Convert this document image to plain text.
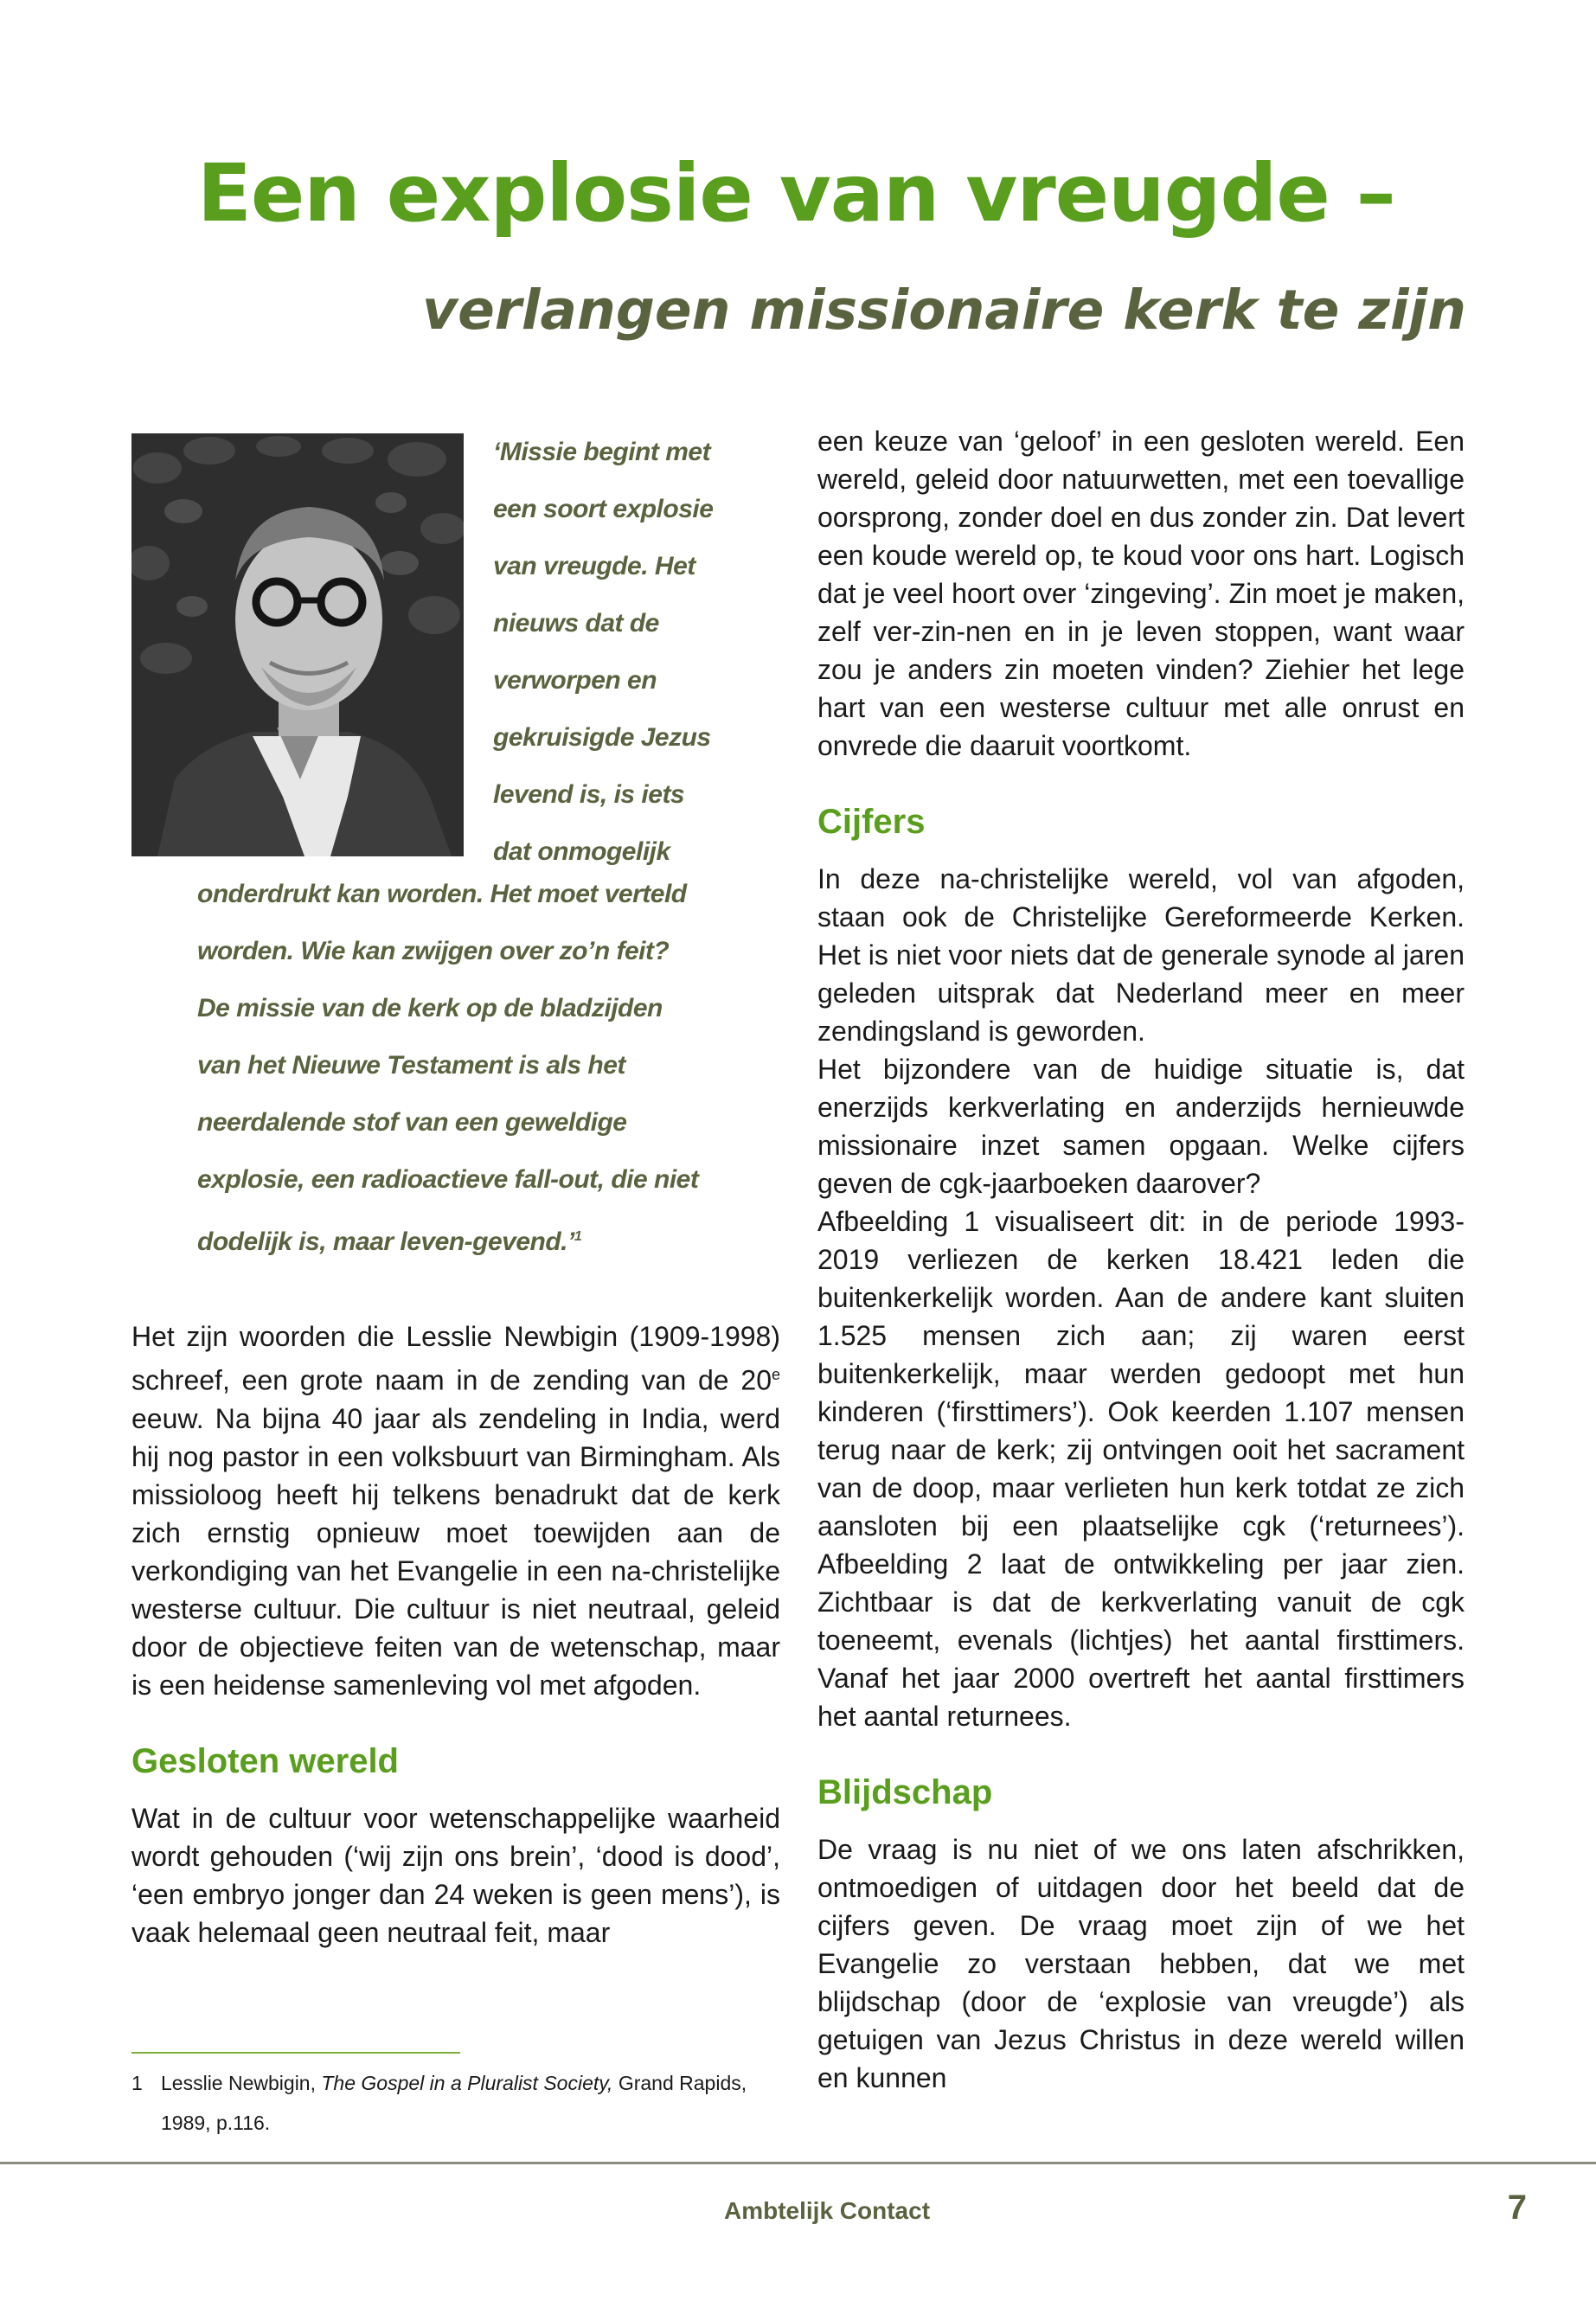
Een explosie van vreugde –
verlangen missionaire kerk te zijn
‘Missie begint met
een soort explosie
van vreugde. Het
nieuws dat de
verworpen en
gekruisigde Jezus
levend is, is iets
dat onmogelijk
onderdrukt kan worden. Het moet verteld
worden. Wie kan zwijgen over zo’n feit?
De missie van de kerk op de bladzijden
van het Nieuwe Testament is als het
neerdalende stof van een geweldige
explosie, een radioactieve fall-out, die niet
dodelijk is, maar leven-gevend.’$^1$

Het zijn woorden die Lesslie Newbigin (1909-1998) schreef, een grote naam in de zending van de 20e eeuw. Na bijna 40 jaar als zendeling in India, werd hij nog pastor in een volksbuurt van Birmingham. Als missioloog heeft hij telkens benadrukt dat de kerk zich ernstig opnieuw moet toewijden aan de verkondiging van het Evangelie in een na-christelijke westerse cultuur. Die cultuur is niet neutraal, geleid door de objectieve feiten van de wetenschap, maar is een heidense samenleving vol met afgoden.

Gesloten wereld

Wat in de cultuur voor wetenschappelijke waarheid wordt gehouden (‘wij zijn ons brein’, ‘dood is dood’, ‘een embryo jonger dan 24 weken is geen mens’), is vaak helemaal geen neutraal feit, maar

een keuze van ‘geloof’ in een gesloten wereld. Een wereld, geleid door natuurwetten, met een toevallige oorsprong, zonder doel en dus zonder zin. Dat levert een koude wereld op, te koud voor ons hart. Logisch dat je veel hoort over ‘zingeving’. Zin moet je maken, zelf ver-zin-nen en in je leven stoppen, want waar zou je anders zin moeten vinden? Ziehier het lege hart van een westerse cultuur met alle onrust en onvrede die daaruit voortkomt.

Cijfers

In deze na-christelijke wereld, vol van afgoden, staan ook de Christelijke Gereformeerde Kerken. Het is niet voor niets dat de generale synode al jaren geleden uitsprak dat Nederland meer en meer zendingsland is geworden.

Het bijzondere van de huidige situatie is, dat enerzijds kerkverlating en anderzijds hernieuwde missionaire inzet samen opgaan. Welke cijfers geven de cgk-jaarboeken daarover?

Afbeelding 1 visualiseert dit: in de periode 1993-2019 verliezen de kerken 18.421 leden die buitenkerkelijk worden. Aan de andere kant sluiten 1.525 mensen zich aan; zij waren eerst buitenkerkelijk, maar werden gedoopt met hun kinderen (‘firsttimers’). Ook keerden 1.107 mensen terug naar de kerk; zij ontvingen ooit het sacrament van de doop, maar verlieten hun kerk totdat ze zich aansloten bij een plaatselijke cgk (‘returnees’). Afbeelding 2 laat de ontwikkeling per jaar zien. Zichtbaar is dat de kerkverlating vanuit de cgk toeneemt, evenals (lichtjes) het aantal firsttimers. Vanaf het jaar 2000 overtreft het aantal firsttimers het aantal returnees.

Blijdschap

De vraag is nu niet of we ons laten afschrikken, ontmoedigen of uitdagen door het beeld dat de cijfers geven. De vraag moet zijn of we het Evangelie zo verstaan hebben, dat we met blijdschap (door de ‘explosie van vreugde’) als getuigen van Jezus Christus in deze wereld willen en kunnen

1 Lesslie Newbigin, The Gospel in a Pluralist Society, Grand Rapids,
1989, p.116.
Ambtelijk Contact	7
